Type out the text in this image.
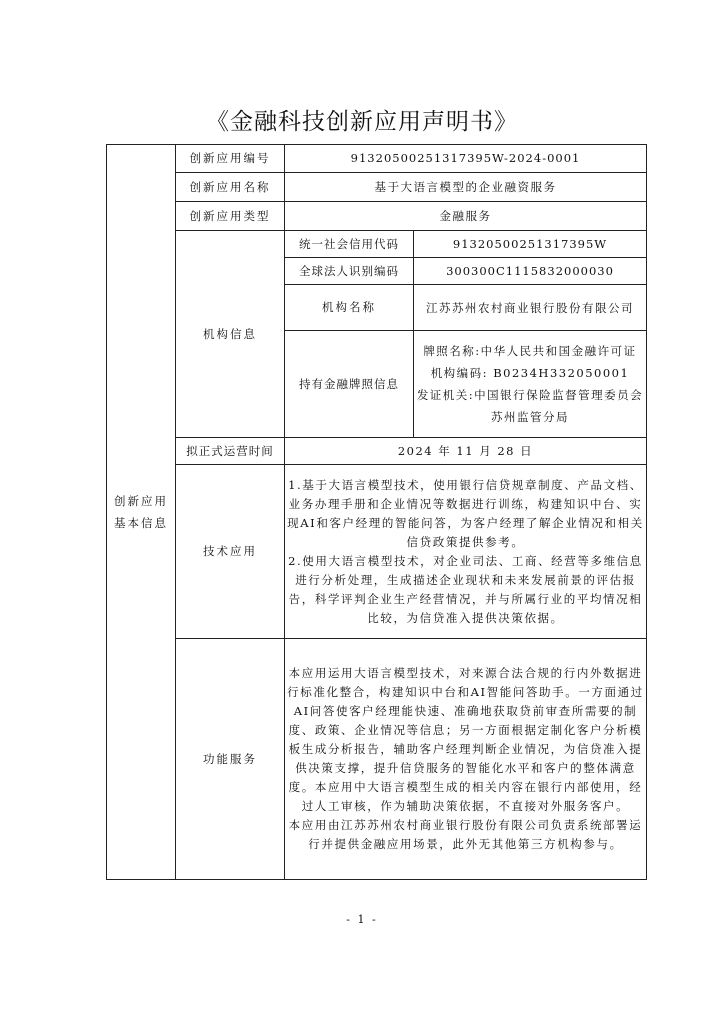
《金融科技创新应用声明书》
创新应用
基本信息	创新应用编号	91320500251317395W-2024-0001	
	创新应用名称	基于大语言模型的企业融资服务	
	创新应用类型	金融服务	
	机构信息	统一社会信用代码	91320500251317395W
		全球法人识别编码	300300C1115832000030
		机构名称	江苏苏州农村商业银行股份有限公司
		持有金融牌照信息	牌照名称:中华人民共和国金融许可证
机构编码: B0234H332050001
发证机关:中国银行保险监督管理委员会苏州监管分局

	拟正式运营时间	2024 年 11 月 28 日	
	技术应用	1.基于大语言模型技术，使用银行信贷规章制度、产品文档、业务办理手册和企业情况等数据进行训练，构建知识中台、实现AI和客户经理的智能问答，为客户经理了解企业情况和相关信贷政策提供参考。
2.使用大语言模型技术，对企业司法、工商、经营等多维信息进行分析处理，生成描述企业现状和未来发展前景的评估报告，科学评判企业生产经营情况，并与所属行业的平均情况相比较，为信贷准入提供决策依据。	

	功能服务	本应用运用大语言模型技术，对来源合法合规的行内外数据进行标准化整合，构建知识中台和AI智能问答助手。一方面通过AI问答使客户经理能快速、准确地获取贷前审查所需要的制度、政策、企业情况等信息；另一方面根据定制化客户分析模板生成分析报告，辅助客户经理判断企业情况，为信贷准入提供决策支撑，提升信贷服务的智能化水平和客户的整体满意度。本应用中大语言模型生成的相关内容在银行内部使用，经过人工审核，作为辅助决策依据，不直接对外服务客户。
本应用由江苏苏州农村商业银行股份有限公司负责系统部署运行并提供金融应用场景，此外无其他第三方机构参与。	
- 1 -
